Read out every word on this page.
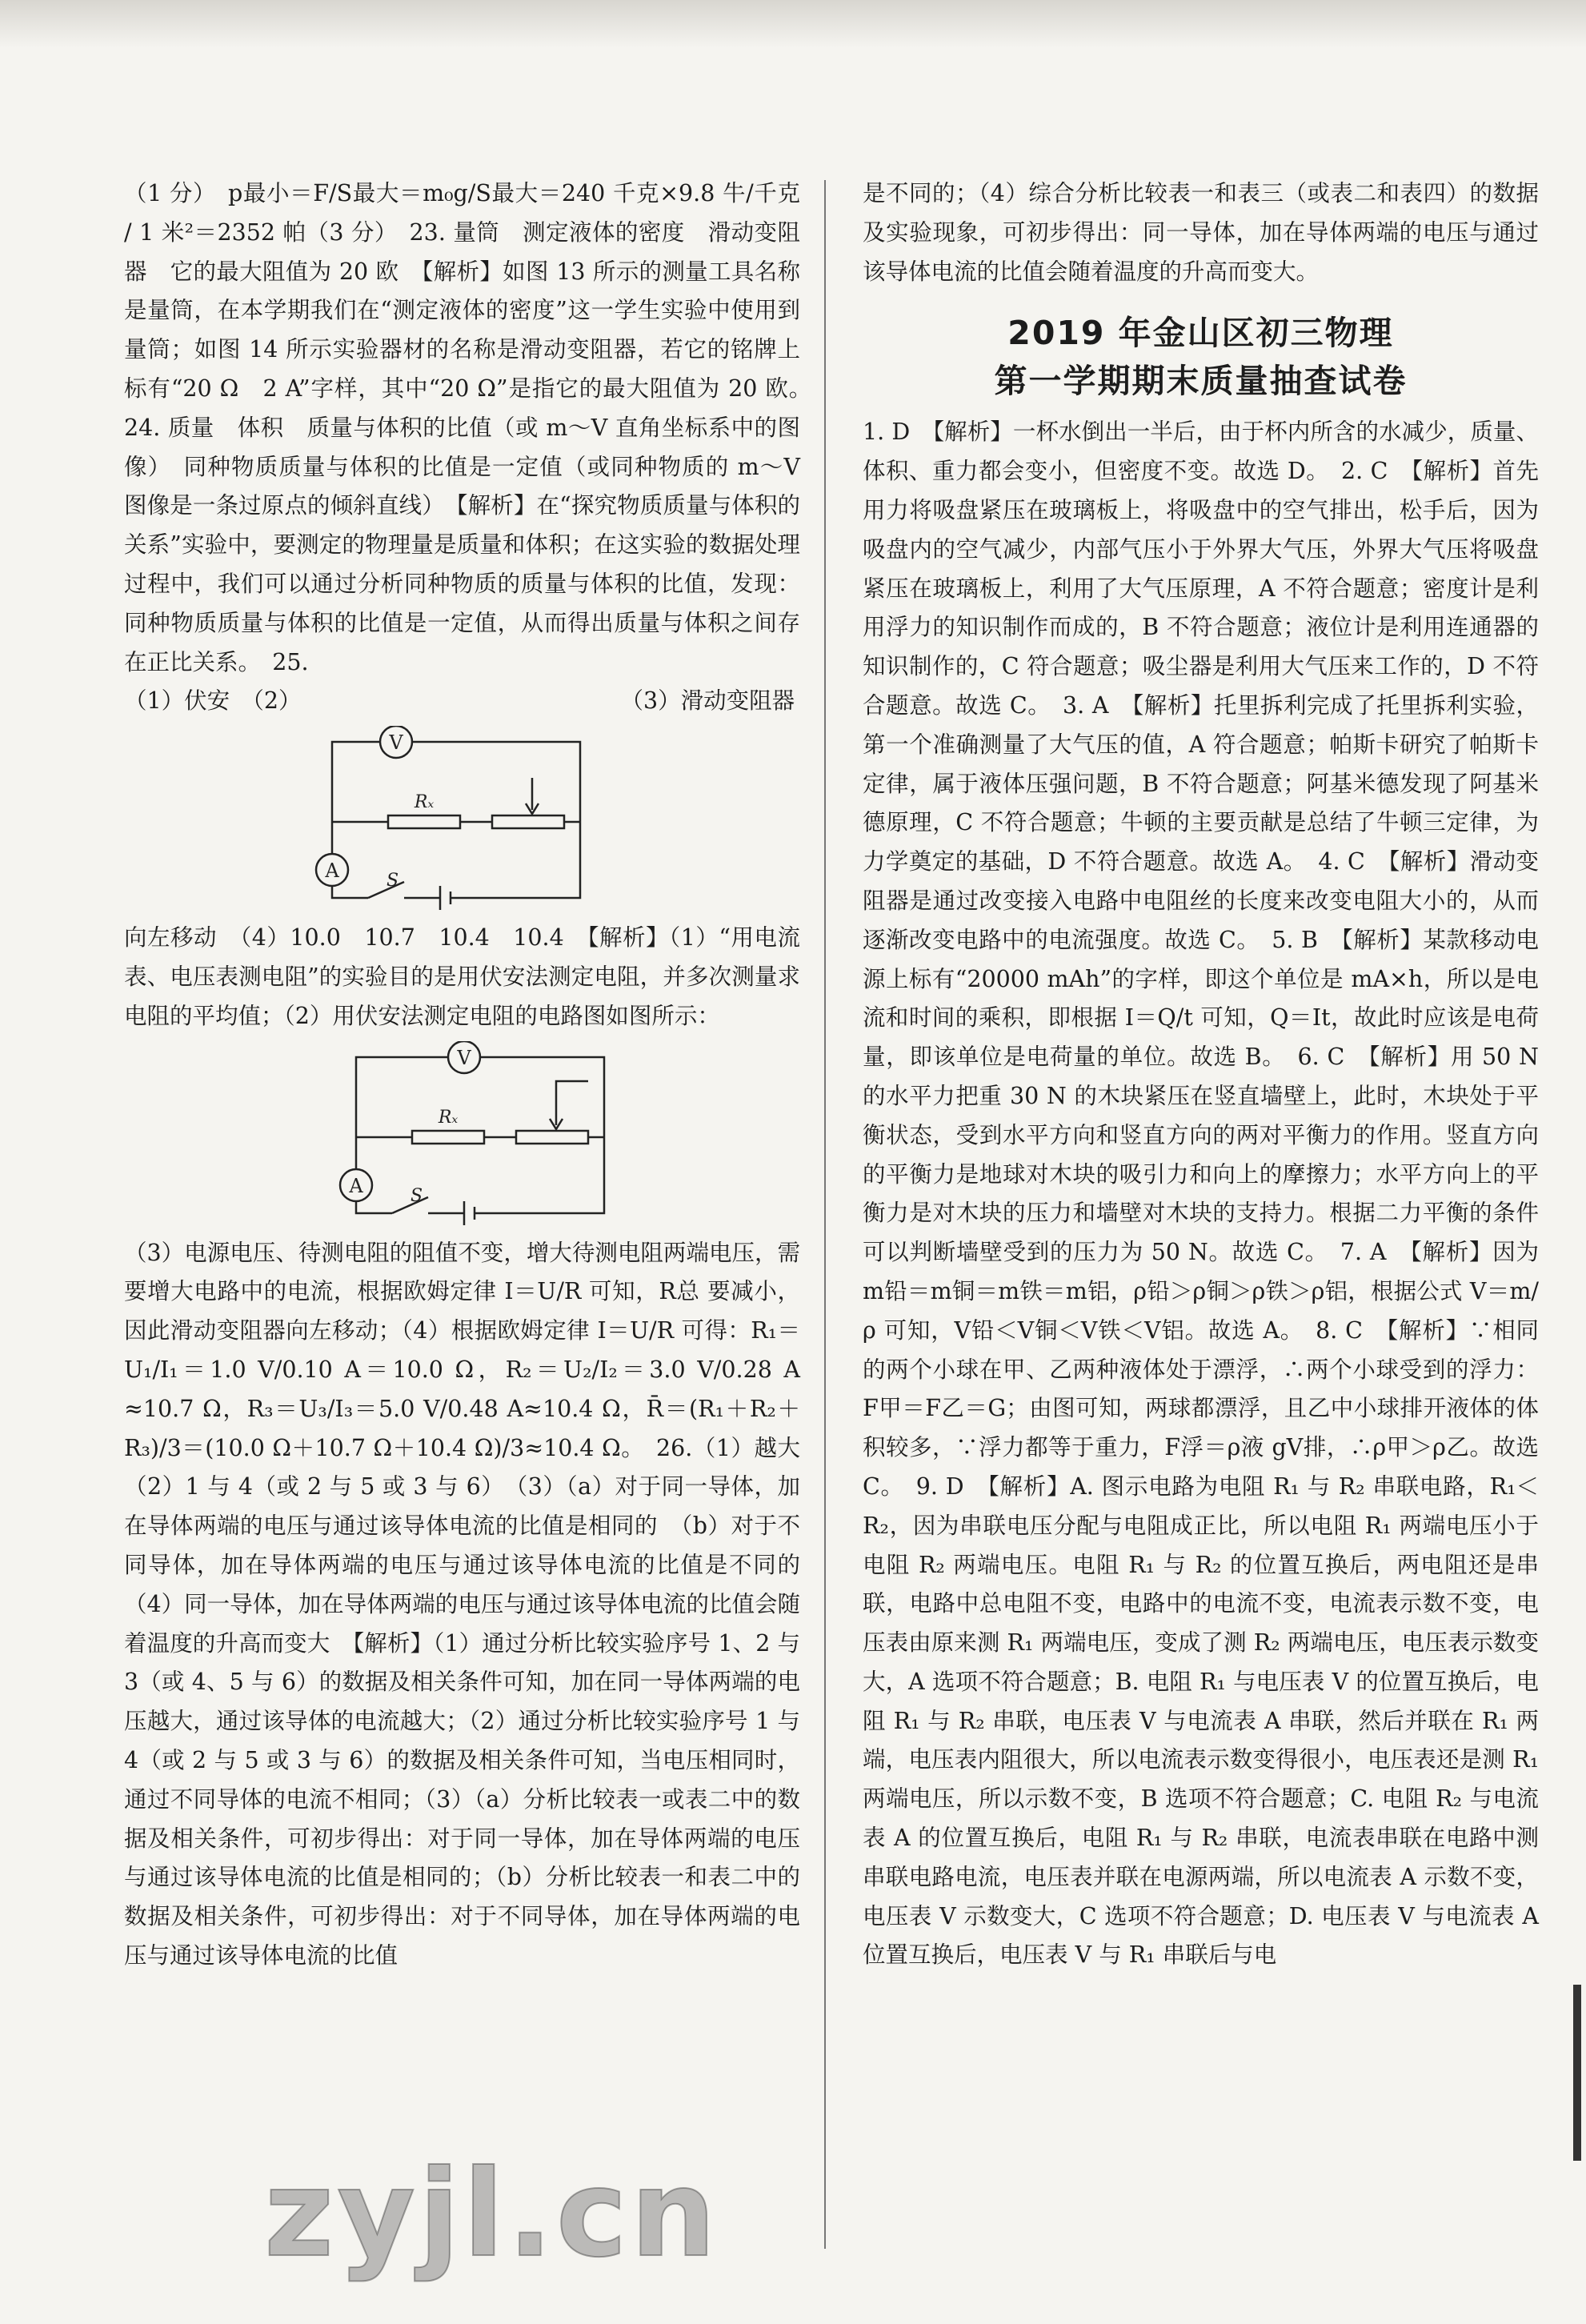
（1 分）　p最小＝F/S最大＝m₀g/S最大＝240 千克×9.8 牛/千克 / 1 米²＝2352 帕（3 分）　23. 量筒　测定液体的密度　滑动变阻器　它的最大阻值为 20 欧　【解析】如图 13 所示的测量工具名称是量筒，在本学期我们在“测定液体的密度”这一学生实验中使用到量筒；如图 14 所示实验器材的名称是滑动变阻器，若它的铭牌上标有“20 Ω　2 A”字样，其中“20 Ω”是指它的最大阻值为 20 欧。　24. 质量　体积　质量与体积的比值（或 m～V 直角坐标系中的图像）　同种物质质量与体积的比值是一定值（或同种物质的 m～V 图像是一条过原点的倾斜直线）　【解析】在“探究物质质量与体积的关系”实验中，要测定的物理量是质量和体积；在这实验的数据处理过程中，我们可以通过分析同种物质的质量与体积的比值，发现：同种物质质量与体积的比值是一定值，从而得出质量与体积之间存在正比关系。　25.

（1）伏安　（2）　　　　　　　　　　　　　　　（3）滑动变阻器

V
A
Rₓ
S

向左移动　（4）10.0　10.7　10.4　10.4　【解析】（1）“用电流表、电压表测电阻”的实验目的是用伏安法测定电阻，并多次测量求电阻的平均值；（2）用伏安法测定电阻的电路图如图所示：

V
A
Rₓ
S

（3）电源电压、待测电阻的阻值不变，增大待测电阻两端电压，需要增大电路中的电流，根据欧姆定律 I＝U/R 可知，R总 要减小，因此滑动变阻器向左移动；（4）根据欧姆定律 I＝U/R 可得：R₁＝U₁/I₁＝1.0 V/0.10 A＝10.0 Ω，R₂＝U₂/I₂＝3.0 V/0.28 A ≈10.7 Ω，R₃＝U₃/I₃＝5.0 V/0.48 A≈10.4 Ω，R̄＝(R₁＋R₂＋R₃)/3＝(10.0 Ω＋10.7 Ω＋10.4 Ω)/3≈10.4 Ω。　26.（1）越大　（2）1 与 4（或 2 与 5 或 3 与 6）　（3）（a）对于同一导体，加在导体两端的电压与通过该导体电流的比值是相同的　（b）对于不同导体，加在导体两端的电压与通过该导体电流的比值是不同的　（4）同一导体，加在导体两端的电压与通过该导体电流的比值会随着温度的升高而变大　【解析】（1）通过分析比较实验序号 1、2 与 3（或 4、5 与 6）的数据及相关条件可知，加在同一导体两端的电压越大，通过该导体的电流越大；（2）通过分析比较实验序号 1 与 4（或 2 与 5 或 3 与 6）的数据及相关条件可知，当电压相同时，通过不同导体的电流不相同；（3）（a）分析比较表一或表二中的数据及相关条件，可初步得出：对于同一导体，加在导体两端的电压与通过该导体电流的比值是相同的；（b）分析比较表一和表二中的数据及相关条件，可初步得出：对于不同导体，加在导体两端的电压与通过该导体电流的比值

是不同的；（4）综合分析比较表一和表三（或表二和表四）的数据及实验现象，可初步得出：同一导体，加在导体两端的电压与通过该导体电流的比值会随着温度的升高而变大。

2019 年金山区初三物理
第一学期期末质量抽查试卷

1. D　【解析】一杯水倒出一半后，由于杯内所含的水减少，质量、体积、重力都会变小，但密度不变。故选 D。　2. C　【解析】首先用力将吸盘紧压在玻璃板上，将吸盘中的空气排出，松手后，因为吸盘内的空气减少，内部气压小于外界大气压，外界大气压将吸盘紧压在玻璃板上，利用了大气压原理，A 不符合题意；密度计是利用浮力的知识制作而成的，B 不符合题意；液位计是利用连通器的知识制作的，C 符合题意；吸尘器是利用大气压来工作的，D 不符合题意。故选 C。　3. A　【解析】托里拆利完成了托里拆利实验，第一个准确测量了大气压的值，A 符合题意；帕斯卡研究了帕斯卡定律，属于液体压强问题，B 不符合题意；阿基米德发现了阿基米德原理，C 不符合题意；牛顿的主要贡献是总结了牛顿三定律，为力学奠定的基础，D 不符合题意。故选 A。　4. C　【解析】滑动变阻器是通过改变接入电路中电阻丝的长度来改变电阻大小的，从而逐渐改变电路中的电流强度。故选 C。　5. B　【解析】某款移动电源上标有“20000 mAh”的字样，即这个单位是 mA×h，所以是电流和时间的乘积，即根据 I＝Q/t 可知，Q＝It，故此时应该是电荷量，即该单位是电荷量的单位。故选 B。　6. C　【解析】用 50 N 的水平力把重 30 N 的木块紧压在竖直墙壁上，此时，木块处于平衡状态，受到水平方向和竖直方向的两对平衡力的作用。竖直方向的平衡力是地球对木块的吸引力和向上的摩擦力；水平方向上的平衡力是对木块的压力和墙壁对木块的支持力。根据二力平衡的条件可以判断墙壁受到的压力为 50 N。故选 C。　7. A　【解析】因为 m铅＝m铜＝m铁＝m铝，ρ铅＞ρ铜＞ρ铁＞ρ铝，根据公式 V＝m/ρ 可知，V铅＜V铜＜V铁＜V铝。故选 A。　8. C　【解析】∵相同的两个小球在甲、乙两种液体处于漂浮，∴两个小球受到的浮力：F甲＝F乙＝G；由图可知，两球都漂浮，且乙中小球排开液体的体积较多，∵浮力都等于重力，F浮＝ρ液 gV排，∴ρ甲＞ρ乙。故选 C。　9. D　【解析】A. 图示电路为电阻 R₁ 与 R₂ 串联电路，R₁＜R₂，因为串联电压分配与电阻成正比，所以电阻 R₁ 两端电压小于电阻 R₂ 两端电压。电阻 R₁ 与 R₂ 的位置互换后，两电阻还是串联，电路中总电阻不变，电路中的电流不变，电流表示数不变，电压表由原来测 R₁ 两端电压，变成了测 R₂ 两端电压，电压表示数变大，A 选项不符合题意；B. 电阻 R₁ 与电压表 V 的位置互换后，电阻 R₁ 与 R₂ 串联，电压表 V 与电流表 A 串联，然后并联在 R₁ 两端，电压表内阻很大，所以电流表示数变得很小，电压表还是测 R₁ 两端电压，所以示数不变，B 选项不符合题意；C. 电阻 R₂ 与电流表 A 的位置互换后，电阻 R₁ 与 R₂ 串联，电流表串联在电路中测串联电路电流，电压表并联在电源两端，所以电流表 A 示数不变，电压表 V 示数变大，C 选项不符合题意；D. 电压表 V 与电流表 A 位置互换后，电压表 V 与 R₁ 串联后与电

zyjl.cn
